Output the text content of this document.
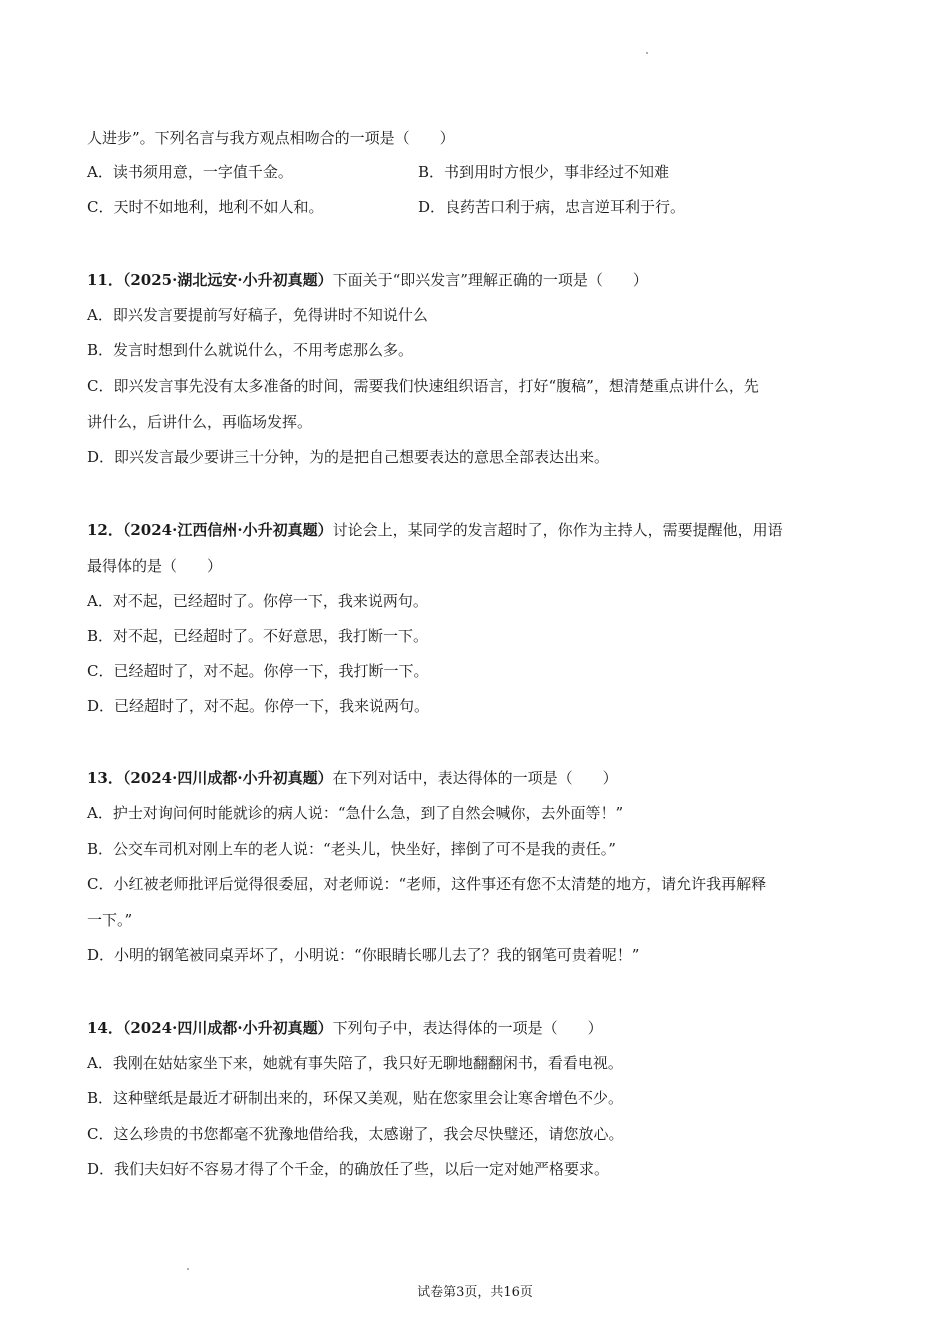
人进步”。下列名言与我方观点相吻合的一项是（　　）
A．读书须用意，一字值千金。	B．书到用时方恨少，事非经过不知难
C．天时不如地利，地利不如人和。	D．良药苦口利于病，忠言逆耳利于行。
11．（2025·湖北远安·小升初真题）下面关于“即兴发言”理解正确的一项是（　　）
A．即兴发言要提前写好稿子，免得讲时不知说什么
B．发言时想到什么就说什么，不用考虑那么多。
C．即兴发言事先没有太多准备的时间，需要我们快速组织语言，打好“腹稿”，想清楚重点讲什么，先
讲什么，后讲什么，再临场发挥。
D．即兴发言最少要讲三十分钟，为的是把自己想要表达的意思全部表达出来。
12．（2024·江西信州·小升初真题）讨论会上，某同学的发言超时了，你作为主持人，需要提醒他，用语
最得体的是（　　）
A．对不起，已经超时了。你停一下，我来说两句。
B．对不起，已经超时了。不好意思，我打断一下。
C．已经超时了，对不起。你停一下，我打断一下。
D．已经超时了，对不起。你停一下，我来说两句。
13．（2024·四川成都·小升初真题）在下列对话中，表达得体的一项是（　　）
A．护士对询问何时能就诊的病人说：“急什么急，到了自然会喊你，去外面等！”
B．公交车司机对刚上车的老人说：“老头儿，快坐好，摔倒了可不是我的责任。”
C．小红被老师批评后觉得很委屈，对老师说：“老师，这件事还有您不太清楚的地方，请允许我再解释
一下。”
D．小明的钢笔被同桌弄坏了，小明说：“你眼睛长哪儿去了？我的钢笔可贵着呢！”
14．（2024·四川成都·小升初真题）下列句子中，表达得体的一项是（　　）
A．我刚在姑姑家坐下来，她就有事失陪了，我只好无聊地翻翻闲书，看看电视。
B．这种壁纸是最近才研制出来的，环保又美观，贴在您家里会让寒舍增色不少。
C．这么珍贵的书您都毫不犹豫地借给我，太感谢了，我会尽快璧还，请您放心。
D．我们夫妇好不容易才得了个千金，的确放任了些，以后一定对她严格要求。
试卷第3页，共16页
